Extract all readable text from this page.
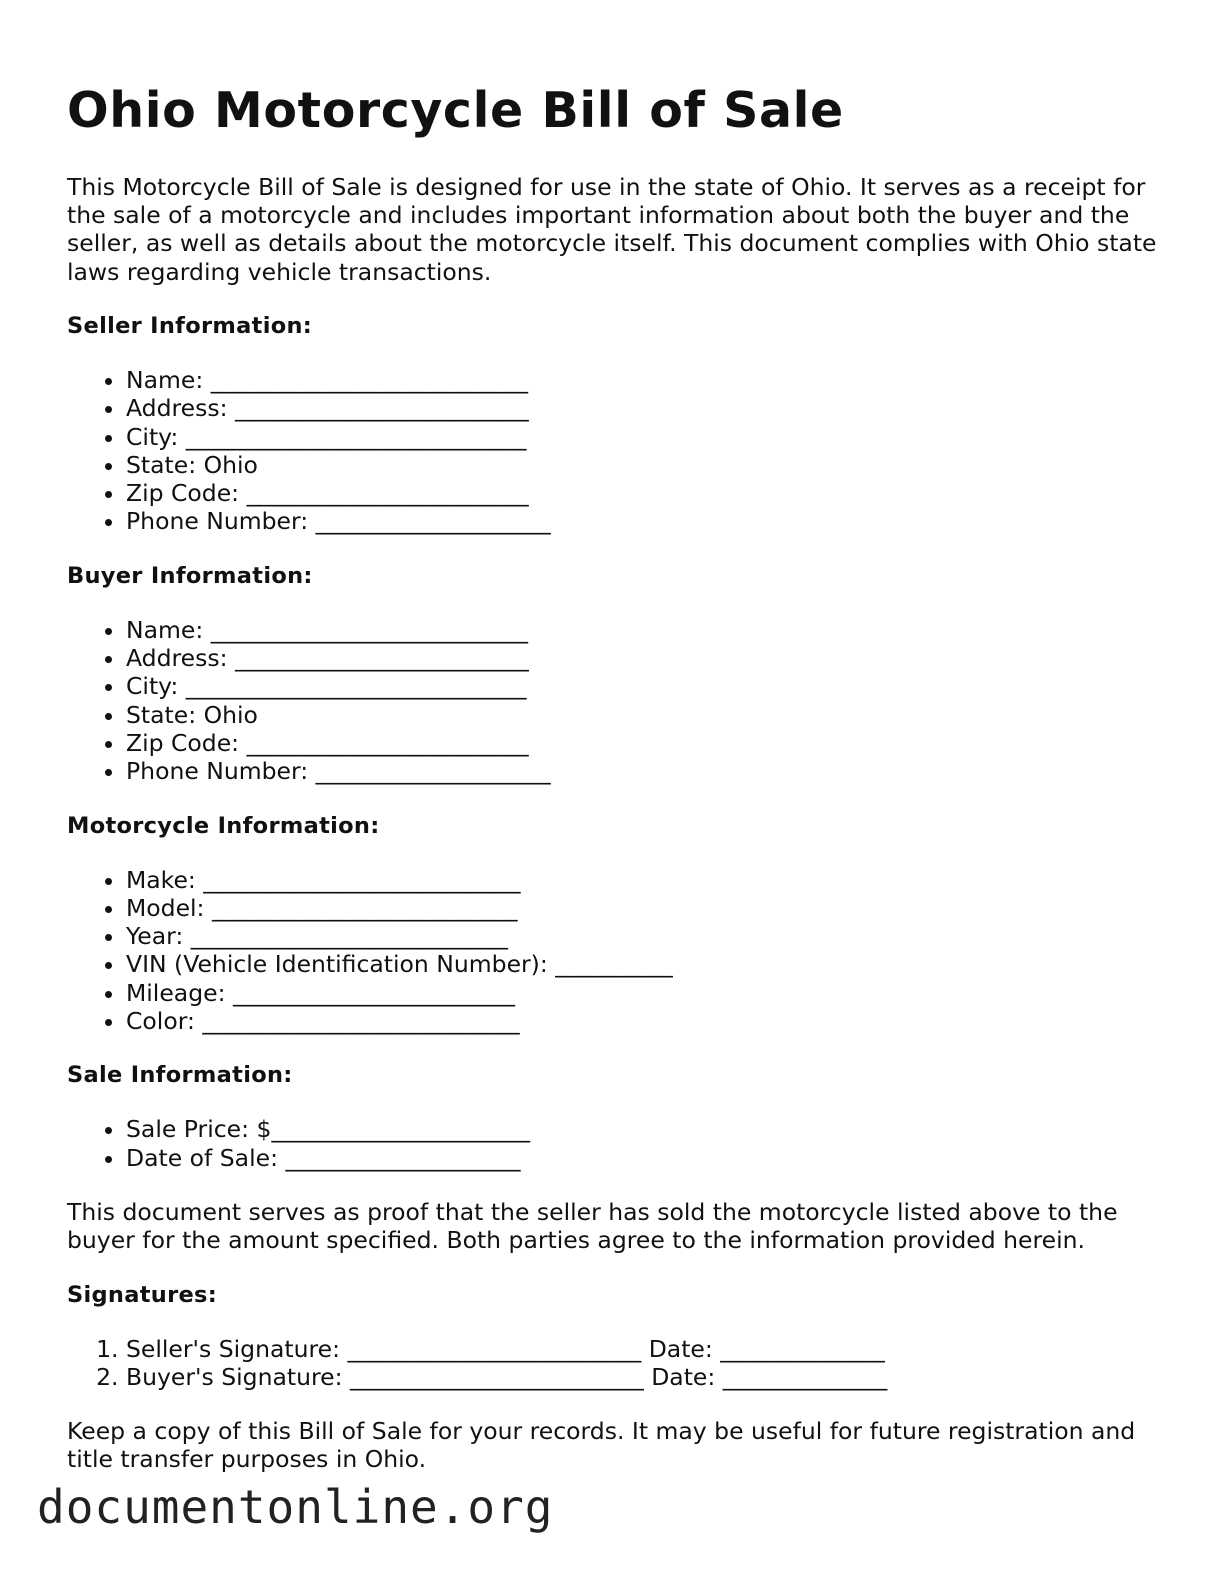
Ohio Motorcycle Bill of Sale

This Motorcycle Bill of Sale is designed for use in the state of Ohio. It serves as a receipt for the sale of a motorcycle and includes important information about both the buyer and the seller, as well as details about the motorcycle itself. This document complies with Ohio state laws regarding vehicle transactions.

Seller Information:
• Name: ___________________________
• Address: _________________________
• City: _____________________________
• State: Ohio
• Zip Code: ________________________
• Phone Number: ____________________
Buyer Information:
• Name: ___________________________
• Address: _________________________
• City: _____________________________
• State: Ohio
• Zip Code: ________________________
• Phone Number: ____________________
Motorcycle Information:
• Make: ___________________________
• Model: __________________________
• Year: ___________________________
• VIN (Vehicle Identification Number): __________
• Mileage: ________________________
• Color: ___________________________
Sale Information:
• Sale Price: $______________________
• Date of Sale: ____________________

This document serves as proof that the seller has sold the motorcycle listed above to the buyer for the amount specified. Both parties agree to the information provided herein.

Signatures:
1. Seller's Signature: _________________________ Date: ______________
2. Buyer's Signature: _________________________ Date: ______________

Keep a copy of this Bill of Sale for your records. It may be useful for future registration and title transfer purposes in Ohio.

documentonline.org
